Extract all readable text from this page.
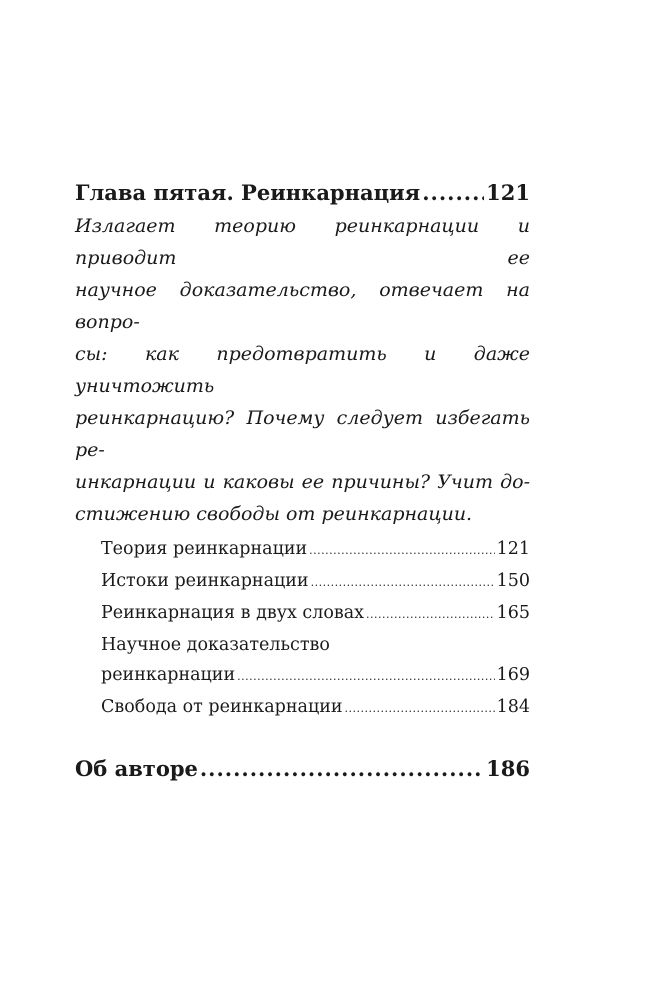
Глава пятая. Реинкарнация .....	121

Излагает теорию реинкарнации и приводит ее
научное доказательство, отвечает на вопро-
сы: как предотвратить и даже уничтожить
реинкарнацию? Почему следует избегать ре-
инкарнации и каковы ее причины? Учит до-
стижению свободы от реинкарнации.

Теория реинкарнации .....	121
Истоки реинкарнации .....	150
Реинкарнация в двух словах .....	165
Научное доказательство
реинкарнации .....	169
Свобода от реинкарнации .....	184
Об авторе .....	186
